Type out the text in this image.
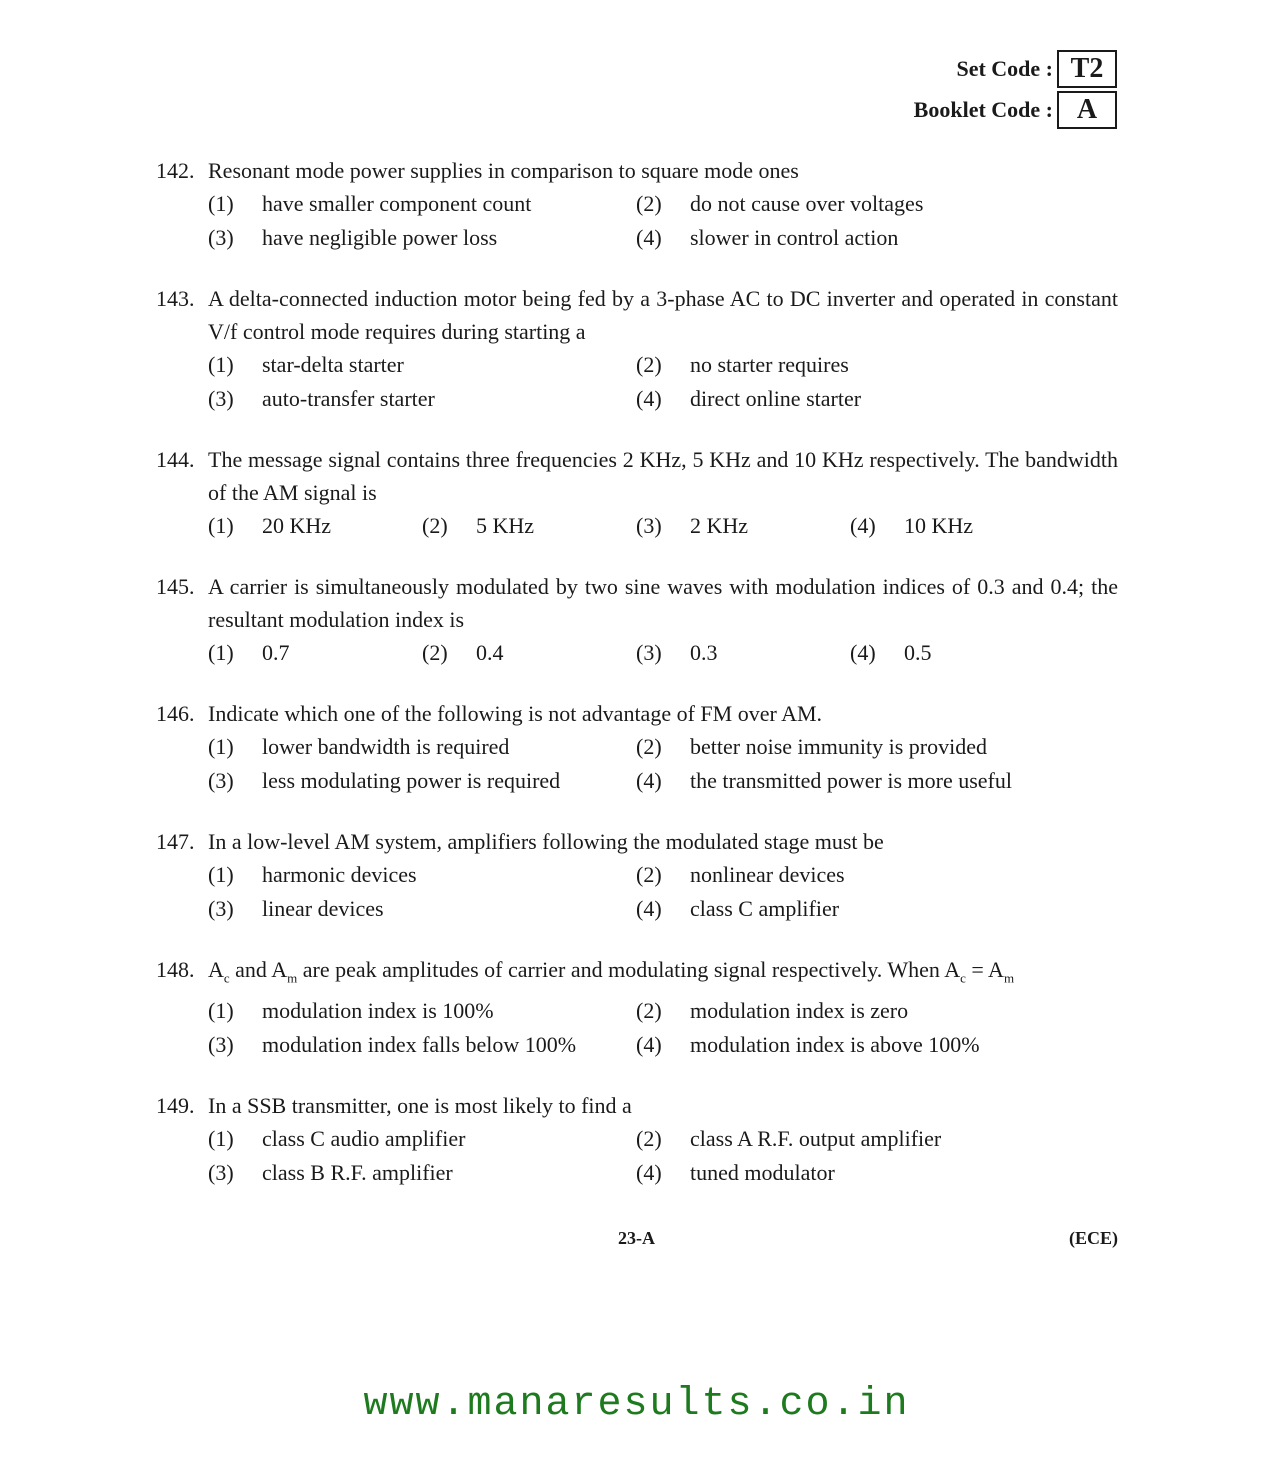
Set Code : T2
Booklet Code : A
142. Resonant mode power supplies in comparison to square mode ones
(1)	have smaller component count	(2)	do not cause over voltages
(3)	have negligible power loss	(4)	slower in control action
143. A delta-connected induction motor being fed by a 3-phase AC to DC inverter and operated in constant V/f control mode requires during starting a
(1)	star-delta starter	(2)	no starter requires
(3)	auto-transfer starter	(4)	direct online starter
144. The message signal contains three frequencies 2 KHz, 5 KHz and 10 KHz respectively. The bandwidth of the AM signal is
(1)	20 KHz	(2)	5 KHz	(3)	2 KHz	(4)	10 KHz
145. A carrier is simultaneously modulated by two sine waves with modulation indices of 0.3 and 0.4; the resultant modulation index is
(1)	0.7	(2)	0.4	(3)	0.3	(4)	0.5
146. Indicate which one of the following is not advantage of FM over AM.
(1)	lower bandwidth is required	(2)	better noise immunity is provided
(3)	less modulating power is required	(4)	the transmitted power is more useful
147. In a low-level AM system, amplifiers following the modulated stage must be
(1)	harmonic devices	(2)	nonlinear devices
(3)	linear devices	(4)	class C amplifier
148. $A_c$ and $A_m$ are peak amplitudes of carrier and modulating signal respectively. When $A_c = A_m$
(1)	modulation index is 100%	(2)	modulation index is zero
(3)	modulation index falls below 100%	(4)	modulation index is above 100%
149. In a SSB transmitter, one is most likely to find a
(1)	class C audio amplifier	(2)	class A R.F. output amplifier
(3)	class B R.F. amplifier	(4)	tuned modulator
23-A	(ECE)
www.manaresults.co.in
